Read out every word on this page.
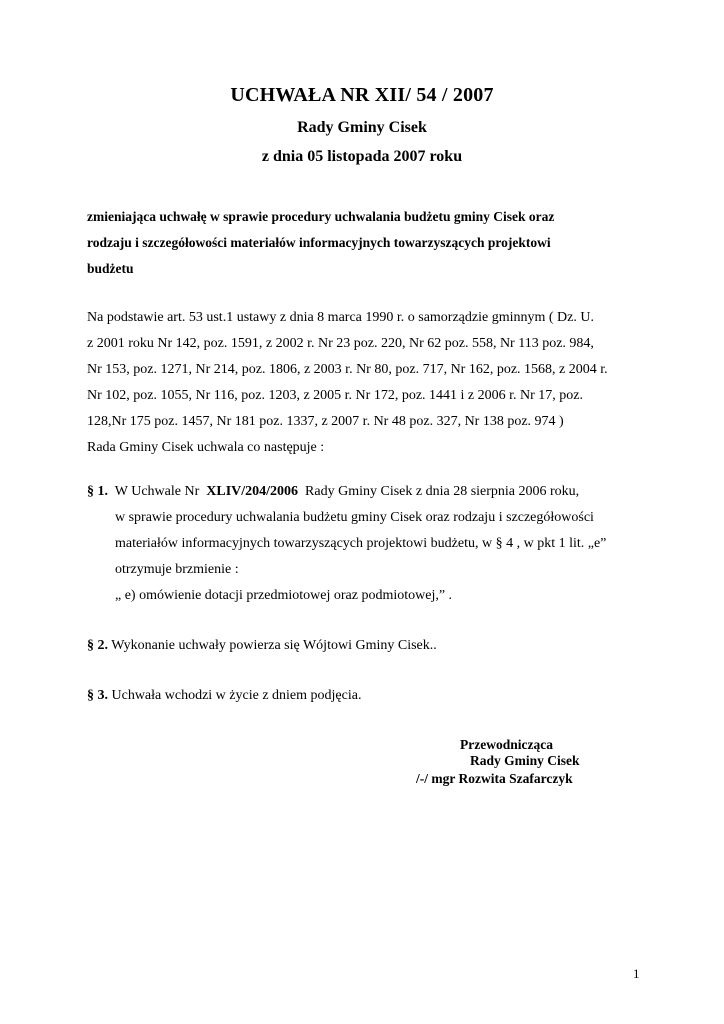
UCHWAŁA NR XII/ 54 / 2007
Rady Gminy Cisek
z dnia 05 listopada 2007 roku
zmieniająca uchwałę w sprawie procedury uchwalania budżetu gminy Cisek oraz
rodzaju i szczegółowości materiałów informacyjnych towarzyszących projektowi
budżetu
Na podstawie art. 53 ust.1 ustawy z dnia 8 marca 1990 r. o samorządzie gminnym ( Dz. U.
z 2001 roku Nr 142, poz. 1591, z 2002 r. Nr 23 poz. 220, Nr 62 poz. 558, Nr 113 poz. 984,
Nr 153, poz. 1271, Nr 214, poz. 1806, z 2003 r. Nr 80, poz. 717, Nr 162, poz. 1568, z 2004 r.
Nr 102, poz. 1055, Nr 116, poz. 1203, z 2005 r. Nr 172, poz. 1441 i z 2006 r. Nr 17, poz.
128,Nr 175 poz. 1457, Nr 181 poz. 1337, z 2007 r. Nr 48 poz. 327, Nr 138 poz. 974 )
Rada Gminy Cisek uchwala co następuje :
§ 1. W Uchwale Nr XLIV/204/2006 Rady Gminy Cisek z dnia 28 sierpnia 2006 roku,
w sprawie procedury uchwalania budżetu gminy Cisek oraz rodzaju i szczegółowości
materiałów informacyjnych towarzyszących projektowi budżetu, w § 4 , w pkt 1 lit. „e”
otrzymuje brzmienie :
„ e) omówienie dotacji przedmiotowej oraz podmiotowej,” .
§ 2. Wykonanie uchwały powierza się Wójtowi Gminy Cisek..
§ 3. Uchwała wchodzi w życie z dniem podjęcia.
Przewodnicząca
Rady Gminy Cisek
/-/ mgr Rozwita Szafarczyk
1
